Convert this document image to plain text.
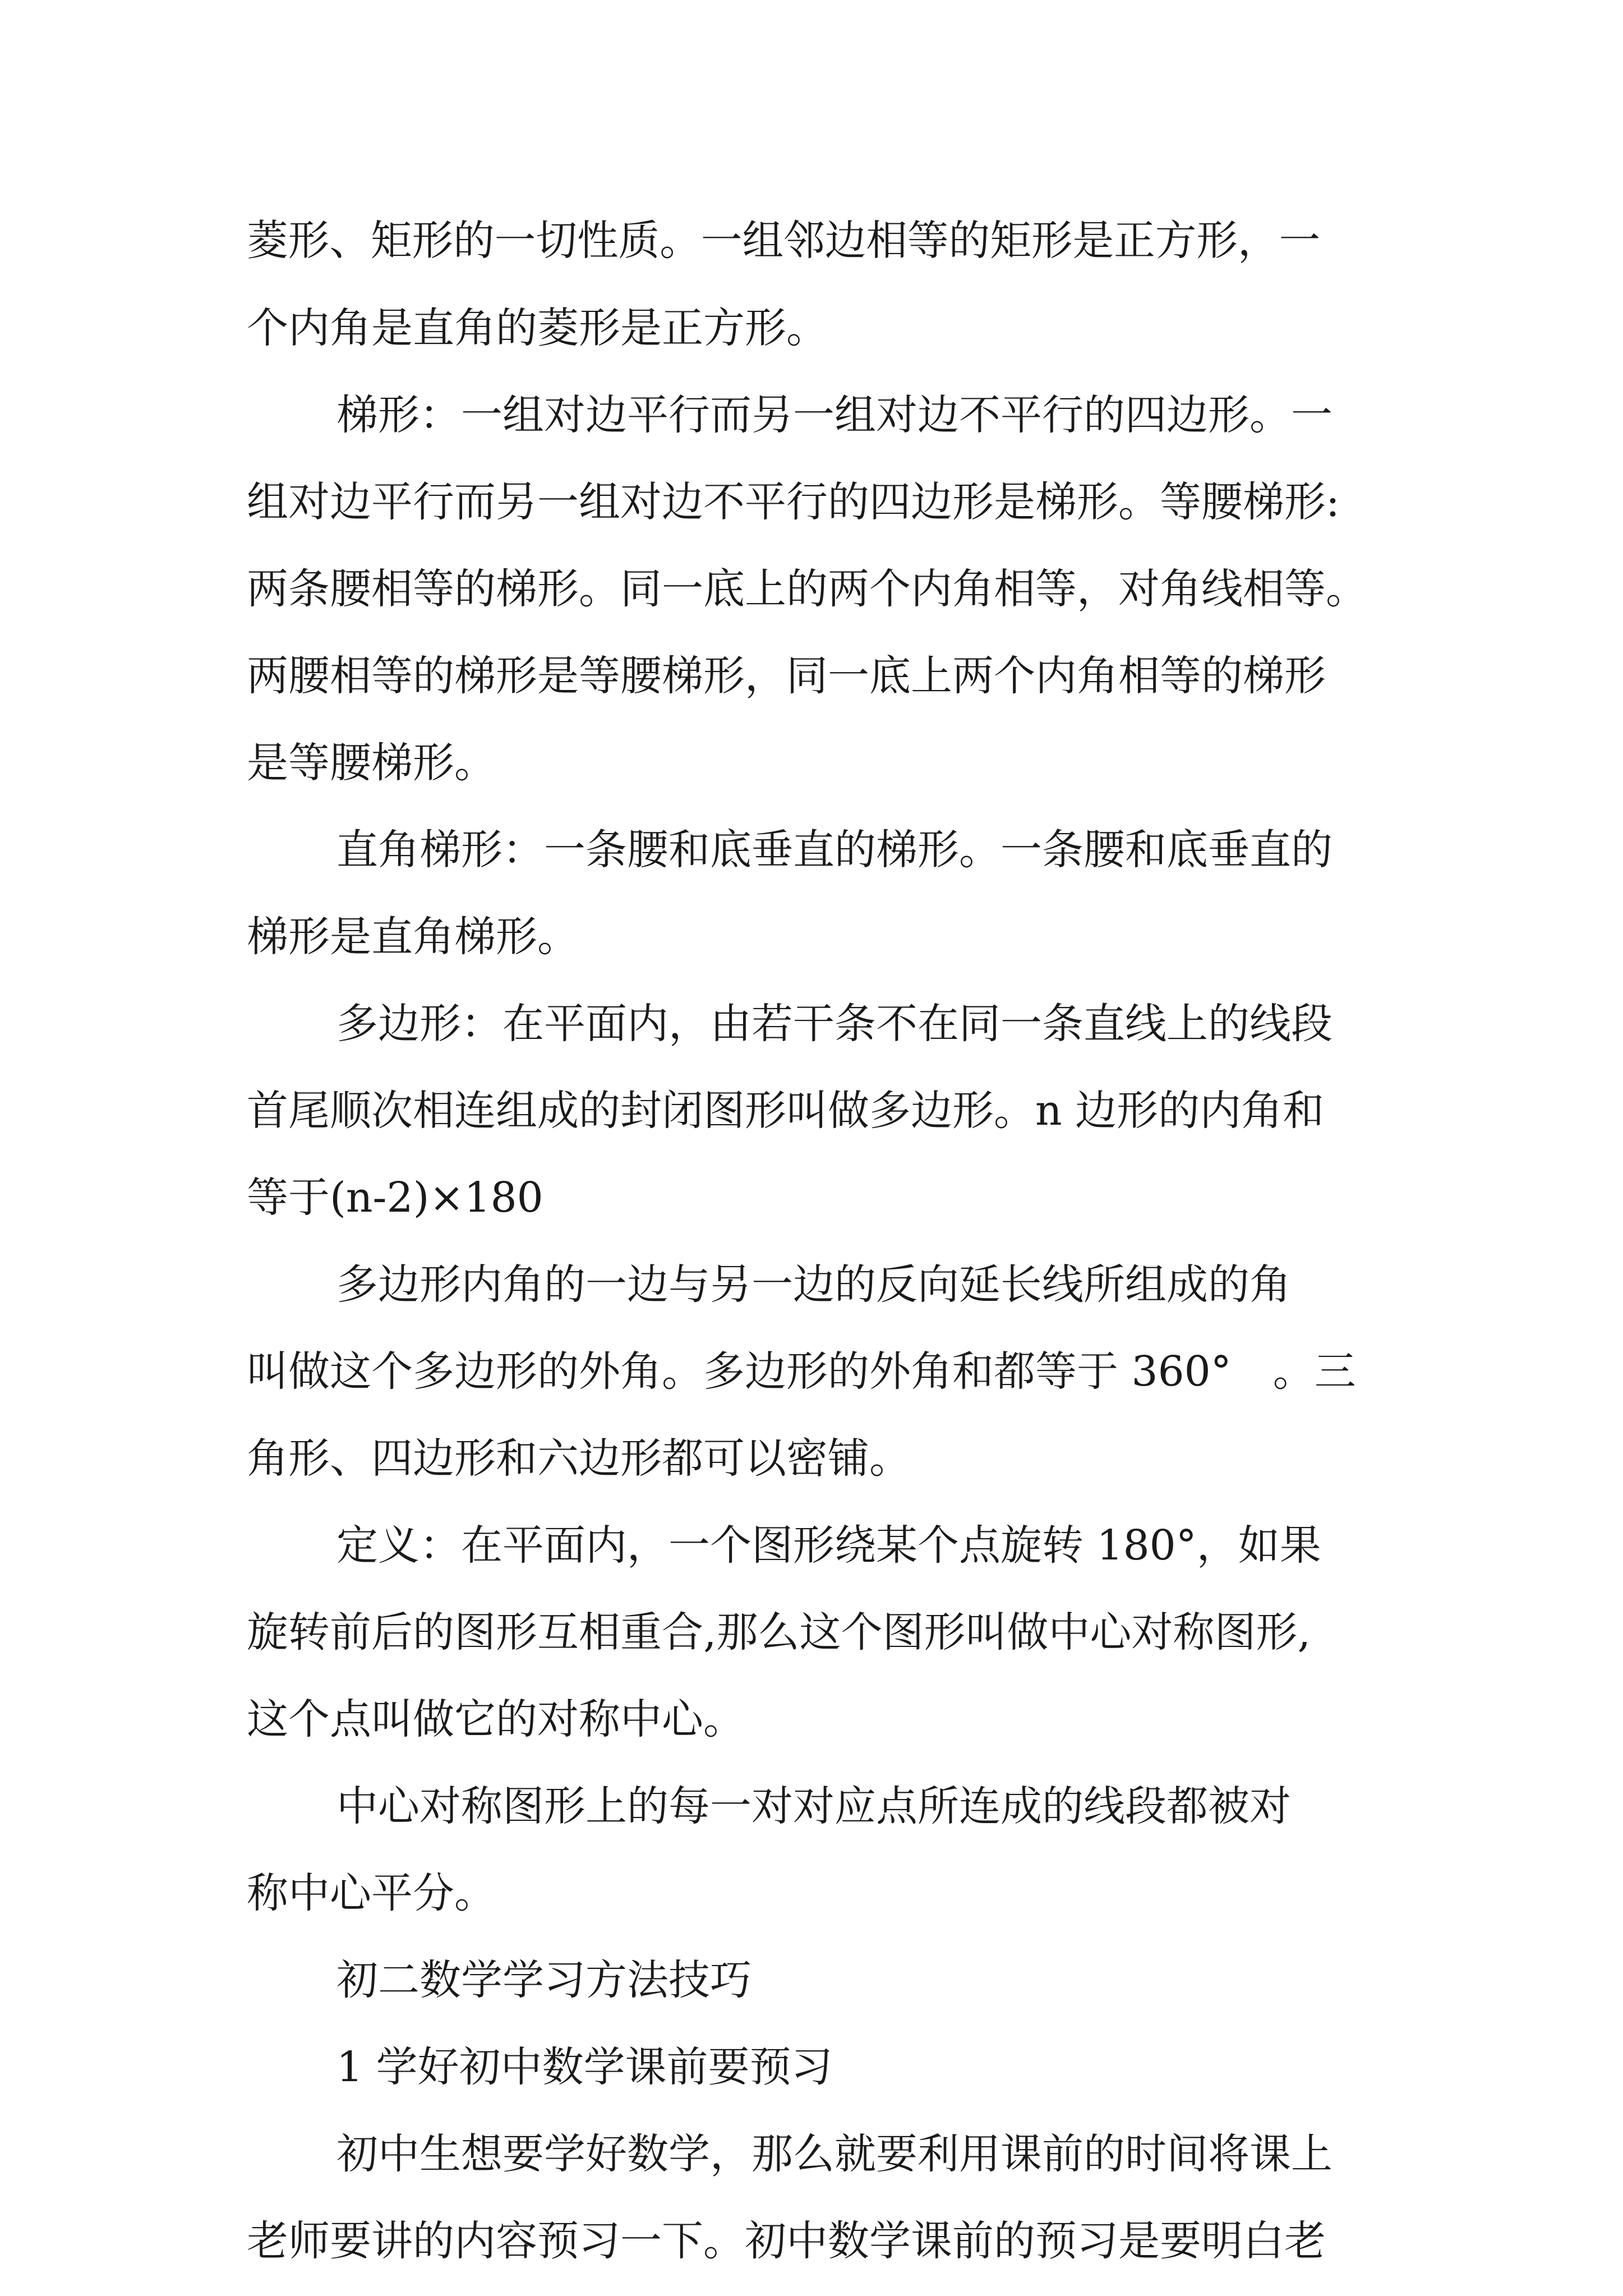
菱形、矩形的一切性质。一组邻边相等的矩形是正方形，一
个内角是直角的菱形是正方形。
梯形：一组对边平行而另一组对边不平行的四边形。一
组对边平行而另一组对边不平行的四边形是梯形。等腰梯形:
两条腰相等的梯形。同一底上的两个内角相等，对角线相等。
两腰相等的梯形是等腰梯形，同一底上两个内角相等的梯形
是等腰梯形。
直角梯形：一条腰和底垂直的梯形。一条腰和底垂直的
梯形是直角梯形。
多边形：在平面内，由若干条不在同一条直线上的线段
首尾顺次相连组成的封闭图形叫做多边形。n 边形的内角和
等于(n-2)×180
多边形内角的一边与另一边的反向延长线所组成的角
叫做这个多边形的外角。多边形的外角和都等于 360°　。三
角形、四边形和六边形都可以密铺。
定义：在平面内，一个图形绕某个点旋转 180°，如果
旋转前后的图形互相重合,那么这个图形叫做中心对称图形,
这个点叫做它的对称中心。
中心对称图形上的每一对对应点所连成的线段都被对
称中心平分。
初二数学学习方法技巧
1 学好初中数学课前要预习
初中生想要学好数学，那么就要利用课前的时间将课上
老师要讲的内容预习一下。初中数学课前的预习是要明白老
